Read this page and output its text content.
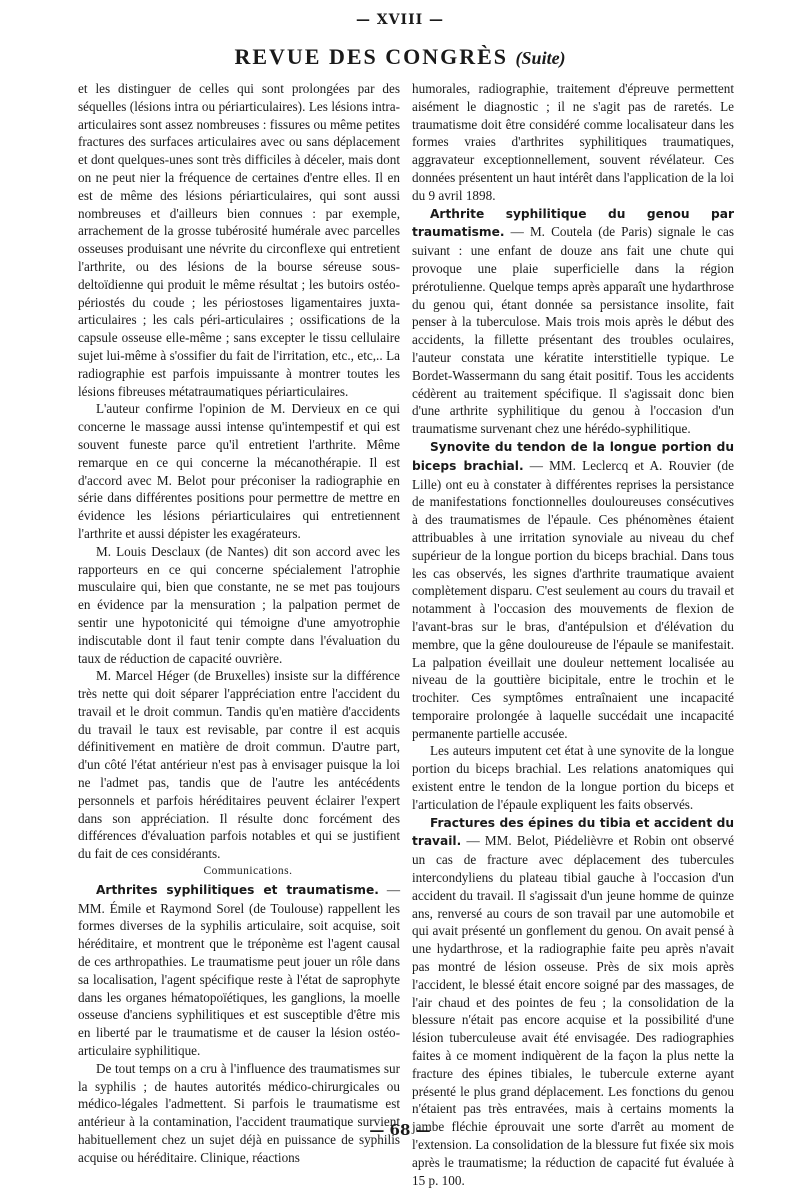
— XVIII —
REVUE DES CONGRÈS (Suite)

et les distinguer de celles qui sont prolongées par des séquelles (lésions intra ou périarticulaires). Les lésions intra-articulaires sont assez nombreuses : fissures ou même petites fractures des surfaces articulaires avec ou sans déplacement et dont quelques-unes sont très difficiles à déceler, mais dont on ne peut nier la fréquence de certaines d'entre elles. Il en est de même des lésions périarticulaires, qui sont aussi nombreuses et d'ailleurs bien connues : par exemple, arrachement de la grosse tubérosité humérale avec parcelles osseuses produisant une névrite du circonflexe qui entretient l'arthrite, ou des lésions de la bourse séreuse sous-deltoïdienne qui produit le même résultat ; les butoirs ostéo-périostés du coude ; les périostoses ligamentaires juxta-articulaires ; les cals péri-articulaires ; ossifications de la capsule osseuse elle-même ; sans excepter le tissu cellulaire sujet lui-même à s'ossifier du fait de l'irritation, etc., etc,.. La radiographie est parfois impuissante à montrer toutes les lésions fibreuses métatraumatiques périarticulaires.

L'auteur confirme l'opinion de M. Dervieux en ce qui concerne le massage aussi intense qu'intempestif et qui est souvent funeste parce qu'il entretient l'arthrite. Même remarque en ce qui concerne la mécanothérapie. Il est d'accord avec M. Belot pour préconiser la radiographie en série dans différentes positions pour permettre de mettre en évidence les lésions périarticulaires qui entretiennent l'arthrite et aussi dépister les exagérateurs.

M. Louis Desclaux (de Nantes) dit son accord avec les rapporteurs en ce qui concerne spécialement l'atrophie musculaire qui, bien que constante, ne se met pas toujours en évidence par la mensuration ; la palpation permet de sentir une hypotonicité qui témoigne d'une amyotrophie indiscutable dont il faut tenir compte dans l'évaluation du taux de réduction de capacité ouvrière.

M. Marcel Héger (de Bruxelles) insiste sur la différence très nette qui doit séparer l'appréciation entre l'accident du travail et le droit commun. Tandis qu'en matière d'accidents du travail le taux est revisable, par contre il est acquis définitivement en matière de droit commun. D'autre part, d'un côté l'état antérieur n'est pas à envisager puisque la loi ne l'admet pas, tandis que de l'autre les antécédents personnels et parfois héréditaires peuvent éclairer l'expert dans son appréciation. Il résulte donc forcément des différences d'évaluation parfois notables et qui se justifient du fait de ces considérants.

Communications.

Arthrites syphilitiques et traumatisme. — MM. Émile et Raymond Sorel (de Toulouse) rappellent les formes diverses de la syphilis articulaire, soit acquise, soit héréditaire, et montrent que le tréponème est l'agent causal de ces arthropathies. Le traumatisme peut jouer un rôle dans sa localisation, l'agent spécifique reste à l'état de saprophyte dans les organes hématopoïétiques, les ganglions, la moelle osseuse d'anciens syphilitiques et est susceptible d'être mis en liberté par le traumatisme et de causer la lésion ostéo-articulaire syphilitique.

De tout temps on a cru à l'influence des traumatismes sur la syphilis ; de hautes autorités médico-chirurgicales ou médico-légales l'admettent. Si parfois le traumatisme est antérieur à la contamination, l'accident traumatique survient habituellement chez un sujet déjà en puissance de syphilis acquise ou héréditaire. Clinique, réactions

humorales, radiographie, traitement d'épreuve permettent aisément le diagnostic ; il ne s'agit pas de raretés. Le traumatisme doit être considéré comme localisateur dans les formes vraies d'arthrites syphilitiques traumatiques, aggravateur exceptionnellement, souvent révélateur. Ces données présentent un haut intérêt dans l'application de la loi du 9 avril 1898.

Arthrite syphilitique du genou par traumatisme. — M. Coutela (de Paris) signale le cas suivant : une enfant de douze ans fait une chute qui provoque une plaie superficielle dans la région prérotulienne. Quelque temps après apparaît une hydarthrose du genou qui, étant donnée sa persistance insolite, fait penser à la tuberculose. Mais trois mois après le début des accidents, la fillette présentant des troubles oculaires, l'auteur constata une kératite interstitielle typique. Le Bordet-Wassermann du sang était positif. Tous les accidents cédèrent au traitement spécifique. Il s'agissait donc bien d'une arthrite syphilitique du genou à l'occasion d'un traumatisme survenant chez une hérédo-syphilitique.

Synovite du tendon de la longue portion du biceps brachial. — MM. Leclercq et A. Rouvier (de Lille) ont eu à constater à différentes reprises la persistance de manifestations fonctionnelles douloureuses consécutives à des traumatismes de l'épaule. Ces phénomènes étaient attribuables à une irritation synoviale au niveau du chef supérieur de la longue portion du biceps brachial. Dans tous les cas observés, les signes d'arthrite traumatique avaient complètement disparu. C'est seulement au cours du travail et notamment à l'occasion des mouvements de flexion de l'avant-bras sur le bras, d'antépulsion et d'élévation du membre, que la gêne douloureuse de l'épaule se manifestait. La palpation éveillait une douleur nettement localisée au niveau de la gouttière bicipitale, entre le trochin et le trochiter. Ces symptômes entraînaient une incapacité temporaire prolongée à laquelle succédait une incapacité permanente partielle accusée.

Les auteurs imputent cet état à une synovite de la longue portion du biceps brachial. Les relations anatomiques qui existent entre le tendon de la longue portion du biceps et l'articulation de l'épaule expliquent les faits observés.

Fractures des épines du tibia et accident du travail. — MM. Belot, Piédelièvre et Robin ont observé un cas de fracture avec déplacement des tubercules intercondyliens du plateau tibial gauche à l'occasion d'un accident du travail. Il s'agissait d'un jeune homme de quinze ans, renversé au cours de son travail par une automobile et qui avait présenté un gonflement du genou. On avait pensé à une hydarthrose, et la radiographie faite peu après n'avait pas montré de lésion osseuse. Près de six mois après l'accident, le blessé était encore soigné par des massages, de l'air chaud et des pointes de feu ; la consolidation de la blessure n'était pas encore acquise et la possibilité d'une lésion tuberculeuse avait été envisagée. Des radiographies faites à ce moment indiquèrent de la façon la plus nette la fracture des épines tibiales, le tubercule externe ayant présenté le plus grand déplacement. Les fonctions du genou n'étaient pas très entravées, mais à certains moments la jambe fléchie éprouvait une sorte d'arrêt au moment de l'extension. La consolidation de la blessure fut fixée six mois après le traumatisme; la réduction de capacité fut évaluée à 15 p. 100.

— 68 —
